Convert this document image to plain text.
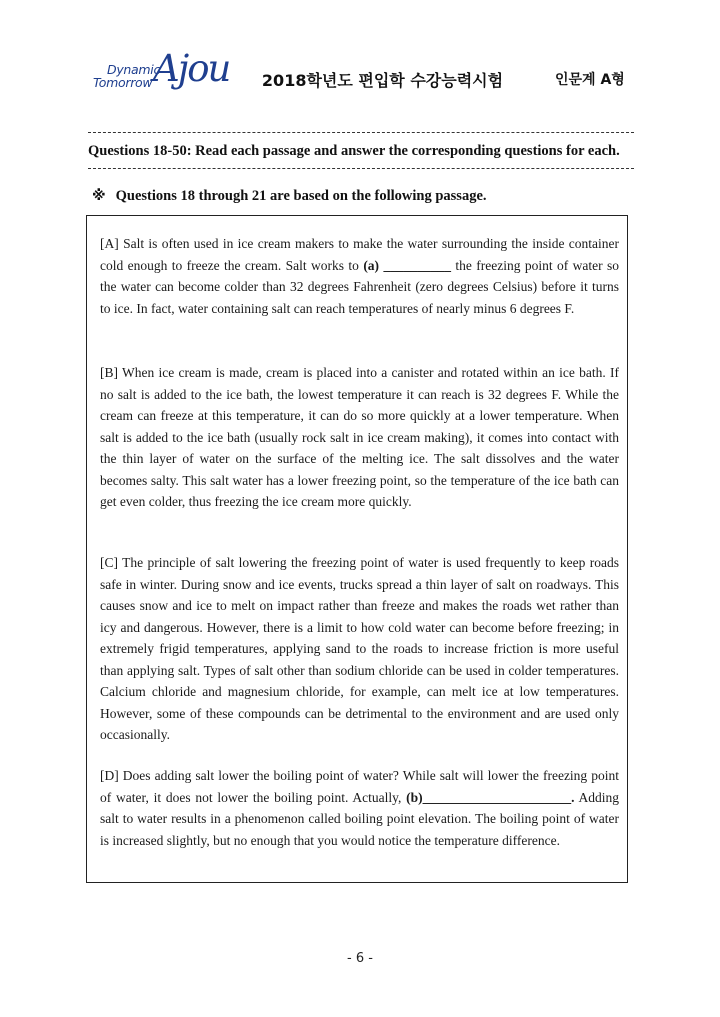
Dynamic
Tomorrow Ajou	2018학년도 편입학 수강능력시험	인문계 A형
Questions 18-50: Read each passage and answer the corresponding questions for each.
※ Questions 18 through 21 are based on the following passage.

[A] Salt is often used in ice cream makers to make the water surrounding the inside container cold enough to freeze the cream. Salt works to (a) __________ the freezing point of water so the water can become colder than 32 degrees Fahrenheit (zero degrees Celsius) before it turns to ice. In fact, water containing salt can reach temperatures of nearly minus 6 degrees F.

[B] When ice cream is made, cream is placed into a canister and rotated within an ice bath. If no salt is added to the ice bath, the lowest temperature it can reach is 32 degrees F. While the cream can freeze at this temperature, it can do so more quickly at a lower temperature. When salt is added to the ice bath (usually rock salt in ice cream making), it comes into contact with the thin layer of water on the surface of the melting ice. The salt dissolves and the water becomes salty. This salt water has a lower freezing point, so the temperature of the ice bath can get even colder, thus freezing the ice cream more quickly.

[C] The principle of salt lowering the freezing point of water is used frequently to keep roads safe in winter. During snow and ice events, trucks spread a thin layer of salt on roadways. This causes snow and ice to melt on impact rather than freeze and makes the roads wet rather than icy and dangerous. However, there is a limit to how cold water can become before freezing; in extremely frigid temperatures, applying sand to the roads to increase friction is more useful than applying salt. Types of salt other than sodium chloride can be used in colder temperatures. Calcium chloride and magnesium chloride, for example, can melt ice at low temperatures. However, some of these compounds can be detrimental to the environment and are used only occasionally.

[D] Does adding salt lower the boiling point of water? While salt will lower the freezing point of water, it does not lower the boiling point. Actually, (b)______________________. Adding salt to water results in a phenomenon called boiling point elevation. The boiling point of water is increased slightly, but no enough that you would notice the temperature difference.

- 6 -
